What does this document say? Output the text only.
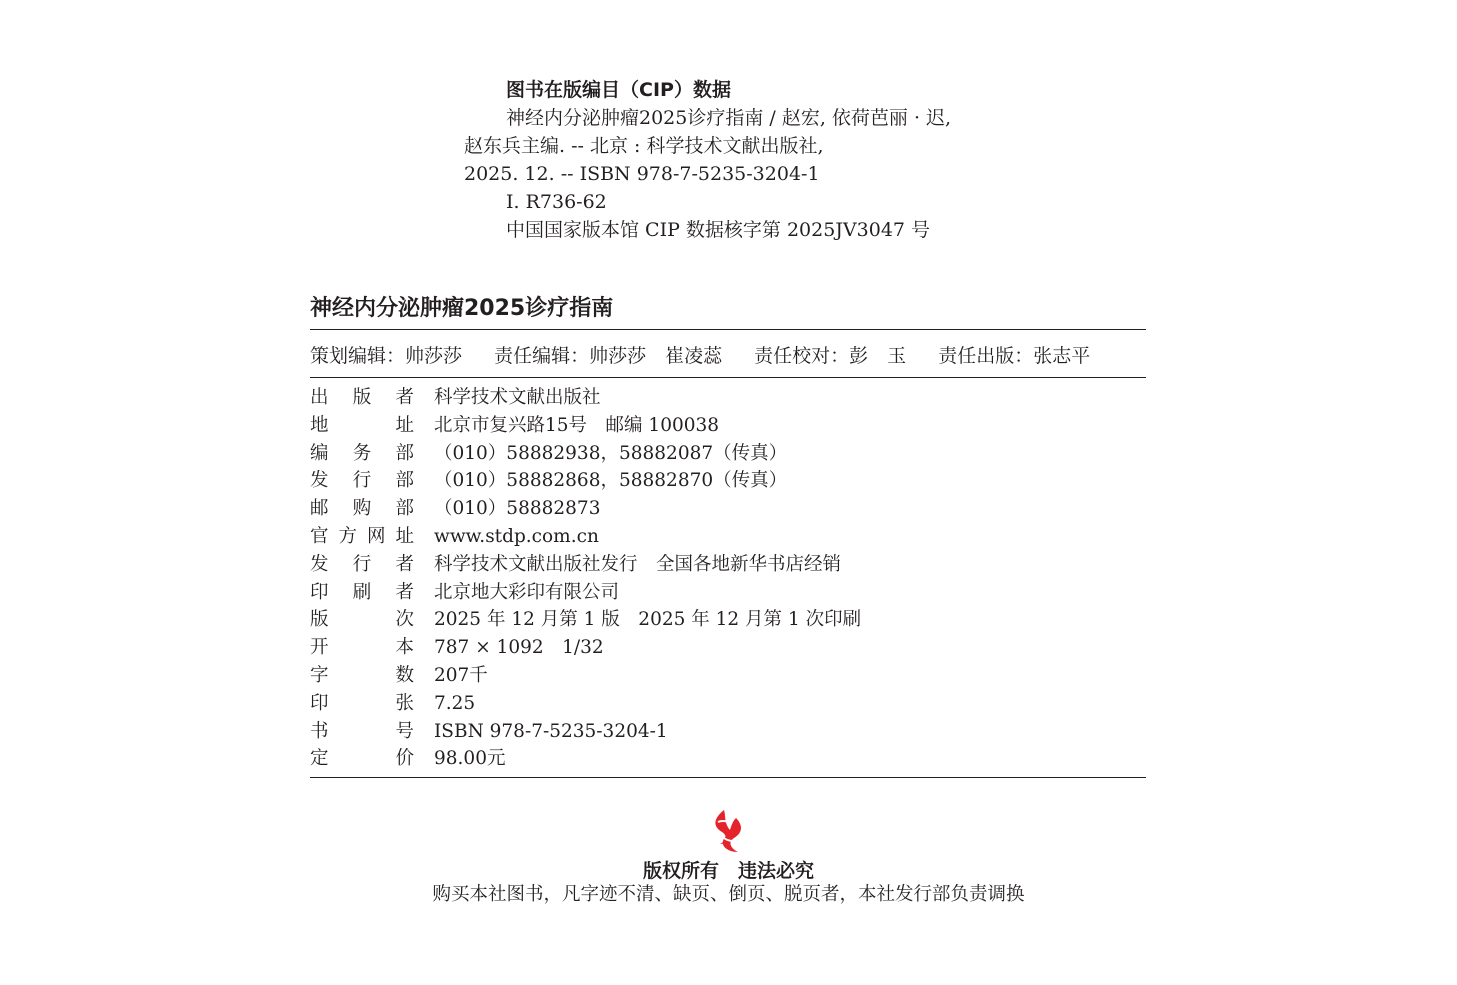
图书在版编目（CIP）数据
神经内分泌肿瘤2025诊疗指南 / 赵宏, 依荷芭丽 · 迟,
赵东兵主编. -- 北京 : 科学技术文献出版社,
2025. 12. -- ISBN 978-7-5235-3204-1
Ⅰ. R736-62
中国国家版本馆 CIP 数据核字第 2025JV3047 号
神经内分泌肿瘤2025诊疗指南
策划编辑：帅莎莎 责任编辑：帅莎莎　崔凌蕊 责任校对：彭　玉 责任出版：张志平
出 版 者 科学技术文献出版社
地	址 北京市复兴路15号　邮编 100038
编 务 部 （010）58882938，58882087（传真）
发 行 部 （010）58882868，58882870（传真）
邮 购 部 （010）58882873
官 方 网 址 www.stdp.com.cn
发 行 者 科学技术文献出版社发行　全国各地新华书店经销
印 刷 者 北京地大彩印有限公司
版	次 2025 年 12 月第 1 版　2025 年 12 月第 1 次印刷
开	本 787 × 1092　1/32
字	数 207千
印	张 7.25
书	号 ISBN 978-7-5235-3204-1
定	价 98.00元
版权所有　违法必究
购买本社图书，凡字迹不清、缺页、倒页、脱页者，本社发行部负责调换
